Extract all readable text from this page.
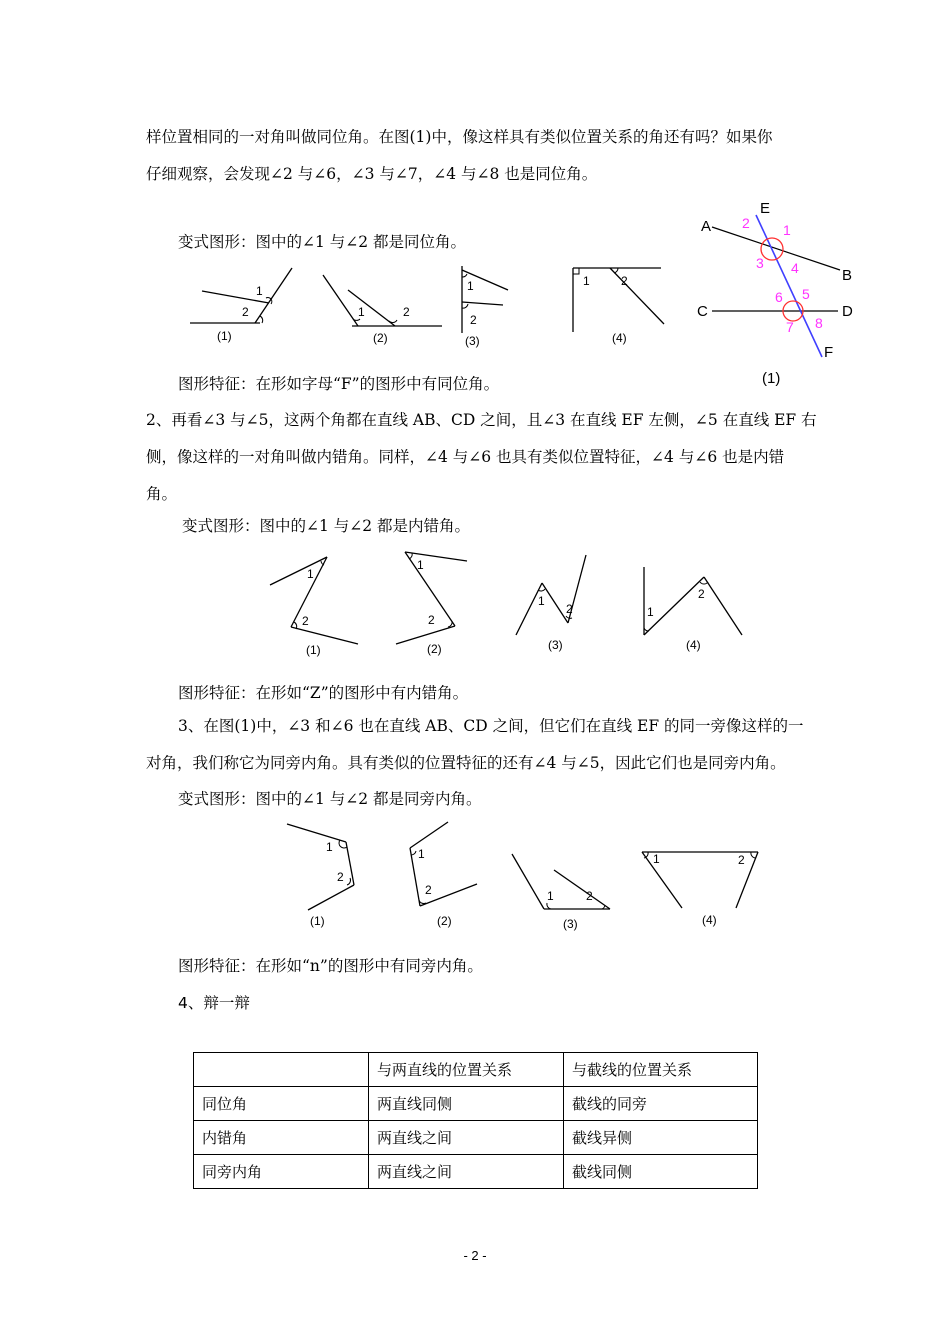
样位置相同的一对角叫做同位角。在图(1)中，像这样具有类似位置关系的角还有吗？如果你
仔细观察，会发现∠2 与∠6，∠3 与∠7，∠4 与∠8 也是同位角。
变式图形：图中的∠1 与∠2 都是同位角。
A
B
C	D
E
F
1
2
3 4
5
6
7 8
(1)
1
2
(1)
1	2
(2)
1
2
(3)
1	2
(4)
图形特征：在形如字母“F”的图形中有同位角。
2、再看∠3 与∠5，这两个角都在直线 AB、CD 之间，且∠3 在直线 EF 左侧，∠5 在直线 EF 右
侧，像这样的一对角叫做内错角。同样，∠4 与∠6 也具有类似位置特征，∠4 与∠6 也是内错
角。
变式图形：图中的∠1 与∠2 都是内错角。
1
2
(1)
1
2
(2)
1
2
(3)
1
2
(4)
图形特征：在形如“Z”的图形中有内错角。
3、在图(1)中，∠3 和∠6 也在直线 AB、CD 之间，但它们在直线 EF 的同一旁像这样的一
对角，我们称它为同旁内角。具有类似的位置特征的还有∠4 与∠5，因此它们也是同旁内角。
变式图形：图中的∠1 与∠2 都是同旁内角。
1
2
(1)
1
2
(2)
1	2
(3)
1	2
(4)
图形特征：在形如“n”的图形中有同旁内角。
4、辩一辩
	与两直线的位置关系	与截线的位置关系
同位角	两直线同侧	截线的同旁
内错角	两直线之间	截线异侧
同旁内角	两直线之间	截线同侧
- 2 -
